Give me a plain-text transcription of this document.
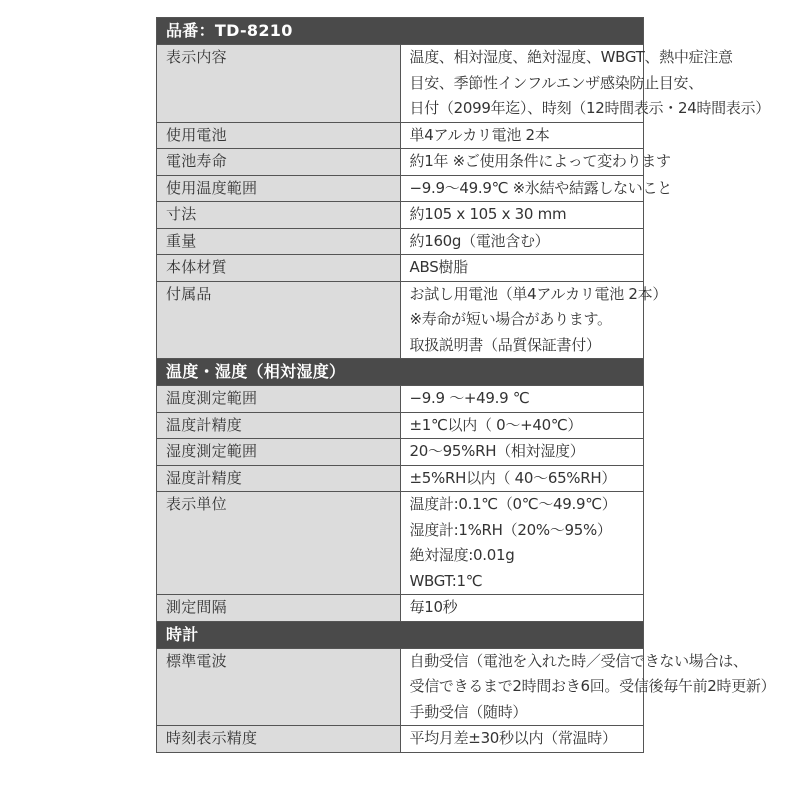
品番：TD-8210	
表示内容	温度、相対湿度、絶対湿度、WBGT、熱中症注意
目安、季節性インフルエンザ感染防止目安、
日付（2099年迄）、時刻（12時間表示・24時間表示）

使用電池	単4アルカリ電池 2本

電池寿命	約1年 ※ご使用条件によって変わります

使用温度範囲	−9.9〜49.9℃ ※氷結や結露しないこと

寸法	約105 x 105 x 30 mm

重量	約160g（電池含む）

本体材質	ABS樹脂

付属品	お試し用電池（単4アルカリ電池 2本）
※寿命が短い場合があります。
取扱説明書（品質保証書付）

温度・湿度（相対湿度）	
温度測定範囲	−9.9 〜+49.9 ℃

温度計精度	±1℃以内（ 0〜+40℃）

湿度測定範囲	20〜95%RH（相対湿度）

湿度計精度	±5%RH以内（ 40〜65%RH）

表示単位	温度計:0.1℃（0℃〜49.9℃）
湿度計:1%RH（20%〜95%）
絶対湿度:0.01g
WBGT:1℃

測定間隔	毎10秒

時計	
標準電波	自動受信（電池を入れた時／受信できない場合は、
受信できるまで2時間おき6回。受信後毎午前2時更新）
手動受信（随時）

時刻表示精度	平均月差±30秒以内（常温時）
